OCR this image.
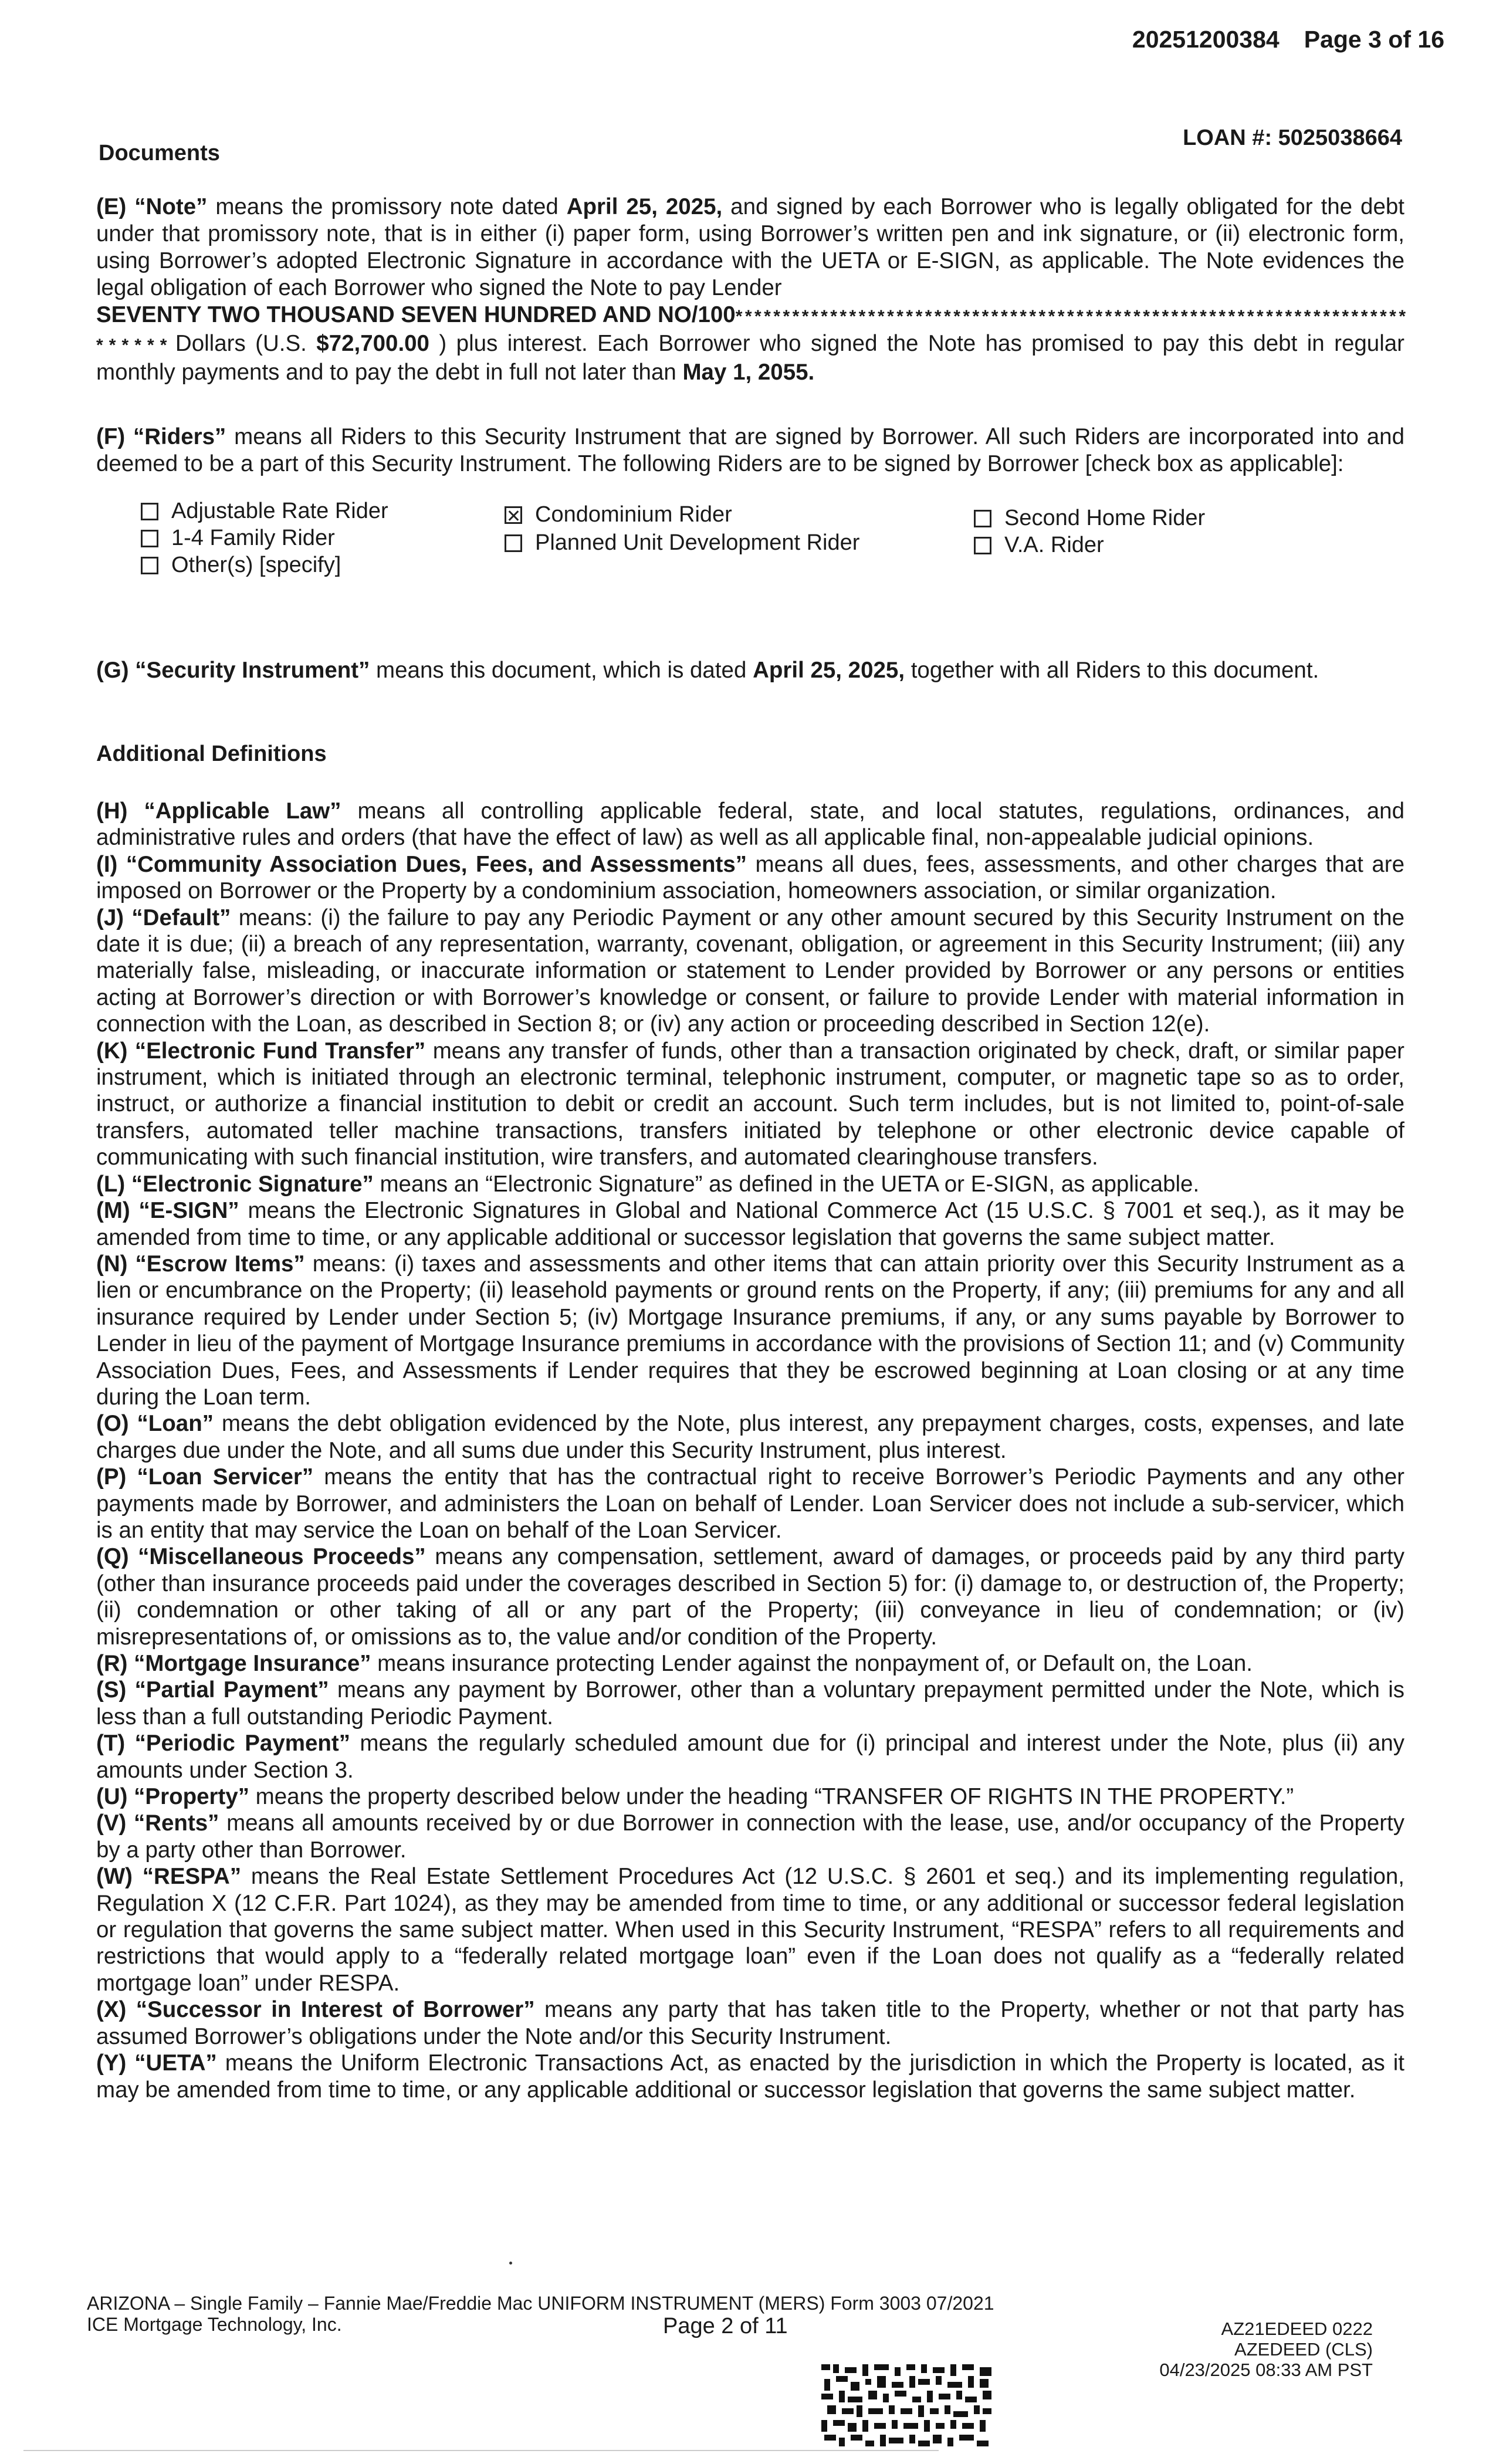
20251200384 Page 3 of 16
LOAN #: 5025038664
Documents

(E) “Note” means the promissory note dated April 25, 2025, and signed by each Borrower who is legally obligated for the debt under that promissory note, that is in either (i) paper form, using Borrower’s written pen and ink signature, or (ii) electronic form, using Borrower’s adopted Electronic Signature in accordance with the UETA or E-SIGN, as applicable. The Note evidences the legal obligation of each Borrower who signed the Note to pay Lender
SEVENTY TWO THOUSAND SEVEN HUNDRED AND NO/100* * * * * * * * * * * * * * * * * * * * * * * * * * * * * * * * * * * * * * * * * * * * * * * * * * * * * * * * * * * * * * * * * * * * * * * * * * * * * Dollars (U.S. $72,700.00 ) plus interest. Each Borrower who signed the Note has promised to pay this debt in regular monthly payments and to pay the debt in full not later than May 1, 2055.

(F) “Riders” means all Riders to this Security Instrument that are signed by Borrower. All such Riders are incorporated into and deemed to be a part of this Security Instrument. The following Riders are to be signed by Borrower [check box as applicable]:

Adjustable Rate Rider
1-4 Family Rider
Other(s) [specify]
Condominium Rider
Planned Unit Development Rider
Second Home Rider
V.A. Rider

(G) “Security Instrument” means this document, which is dated April 25, 2025, together with all Riders to this document.

Additional Definitions

(H) “Applicable Law” means all controlling applicable federal, state, and local statutes, regulations, ordinances, and administrative rules and orders (that have the effect of law) as well as all applicable final, non-appealable judicial opinions.

(I) “Community Association Dues, Fees, and Assessments” means all dues, fees, assessments, and other charges that are imposed on Borrower or the Property by a condominium association, homeowners association, or similar organization.

(J) “Default” means: (i) the failure to pay any Periodic Payment or any other amount secured by this Security Instrument on the date it is due; (ii) a breach of any representation, warranty, covenant, obligation, or agreement in this Security Instrument; (iii) any materially false, misleading, or inaccurate information or statement to Lender provided by Borrower or any persons or entities acting at Borrower’s direction or with Borrower’s knowledge or consent, or failure to provide Lender with material information in connection with the Loan, as described in Section 8; or (iv) any action or proceeding described in Section 12(e).

(K) “Electronic Fund Transfer” means any transfer of funds, other than a transaction originated by check, draft, or similar paper instrument, which is initiated through an electronic terminal, telephonic instrument, computer, or magnetic tape so as to order, instruct, or authorize a financial institution to debit or credit an account. Such term includes, but is not limited to, point-of-sale transfers, automated teller machine transactions, transfers initiated by telephone or other electronic device capable of communicating with such financial institution, wire transfers, and automated clearinghouse transfers.

(L) “Electronic Signature” means an “Electronic Signature” as defined in the UETA or E-SIGN, as applicable.

(M) “E-SIGN” means the Electronic Signatures in Global and National Commerce Act (15 U.S.C. § 7001 et seq.), as it may be amended from time to time, or any applicable additional or successor legislation that governs the same subject matter.

(N) “Escrow Items” means: (i) taxes and assessments and other items that can attain priority over this Security Instrument as a lien or encumbrance on the Property; (ii) leasehold payments or ground rents on the Property, if any; (iii) premiums for any and all insurance required by Lender under Section 5; (iv) Mortgage Insurance premiums, if any, or any sums payable by Borrower to Lender in lieu of the payment of Mortgage Insurance premiums in accordance with the provisions of Section 11; and (v) Community Association Dues, Fees, and Assessments if Lender requires that they be escrowed beginning at Loan closing or at any time during the Loan term.

(O) “Loan” means the debt obligation evidenced by the Note, plus interest, any prepayment charges, costs, expenses, and late charges due under the Note, and all sums due under this Security Instrument, plus interest.

(P) “Loan Servicer” means the entity that has the contractual right to receive Borrower’s Periodic Payments and any other payments made by Borrower, and administers the Loan on behalf of Lender. Loan Servicer does not include a sub-servicer, which is an entity that may service the Loan on behalf of the Loan Servicer.

(Q) “Miscellaneous Proceeds” means any compensation, settlement, award of damages, or proceeds paid by any third party (other than insurance proceeds paid under the coverages described in Section 5) for: (i) damage to, or destruction of, the Property; (ii) condemnation or other taking of all or any part of the Property; (iii) conveyance in lieu of condemnation; or (iv) misrepresentations of, or omissions as to, the value and/or condition of the Property.

(R) “Mortgage Insurance” means insurance protecting Lender against the nonpayment of, or Default on, the Loan.

(S) “Partial Payment” means any payment by Borrower, other than a voluntary prepayment permitted under the Note, which is less than a full outstanding Periodic Payment.

(T) “Periodic Payment” means the regularly scheduled amount due for (i) principal and interest under the Note, plus (ii) any amounts under Section 3.

(U) “Property” means the property described below under the heading “TRANSFER OF RIGHTS IN THE PROPERTY.”

(V) “Rents” means all amounts received by or due Borrower in connection with the lease, use, and/or occupancy of the Property by a party other than Borrower.

(W) “RESPA” means the Real Estate Settlement Procedures Act (12 U.S.C. § 2601 et seq.) and its implementing regulation, Regulation X (12 C.F.R. Part 1024), as they may be amended from time to time, or any additional or successor federal legislation or regulation that governs the same subject matter. When used in this Security Instrument, “RESPA” refers to all requirements and restrictions that would apply to a “federally related mortgage loan” even if the Loan does not qualify as a “federally related mortgage loan” under RESPA.

(X) “Successor in Interest of Borrower” means any party that has taken title to the Property, whether or not that party has assumed Borrower’s obligations under the Note and/or this Security Instrument.

(Y) “UETA” means the Uniform Electronic Transactions Act, as enacted by the jurisdiction in which the Property is located, as it may be amended from time to time, or any applicable additional or successor legislation that governs the same subject matter.

ARIZONA – Single Family – Fannie Mae/Freddie Mac UNIFORM INSTRUMENT (MERS) Form 3003 07/2021
ICE Mortgage Technology, Inc.	Page 2 of 11	AZ21EDEED 0222
AZEDEED (CLS)
04/23/2025 08:33 AM PST
